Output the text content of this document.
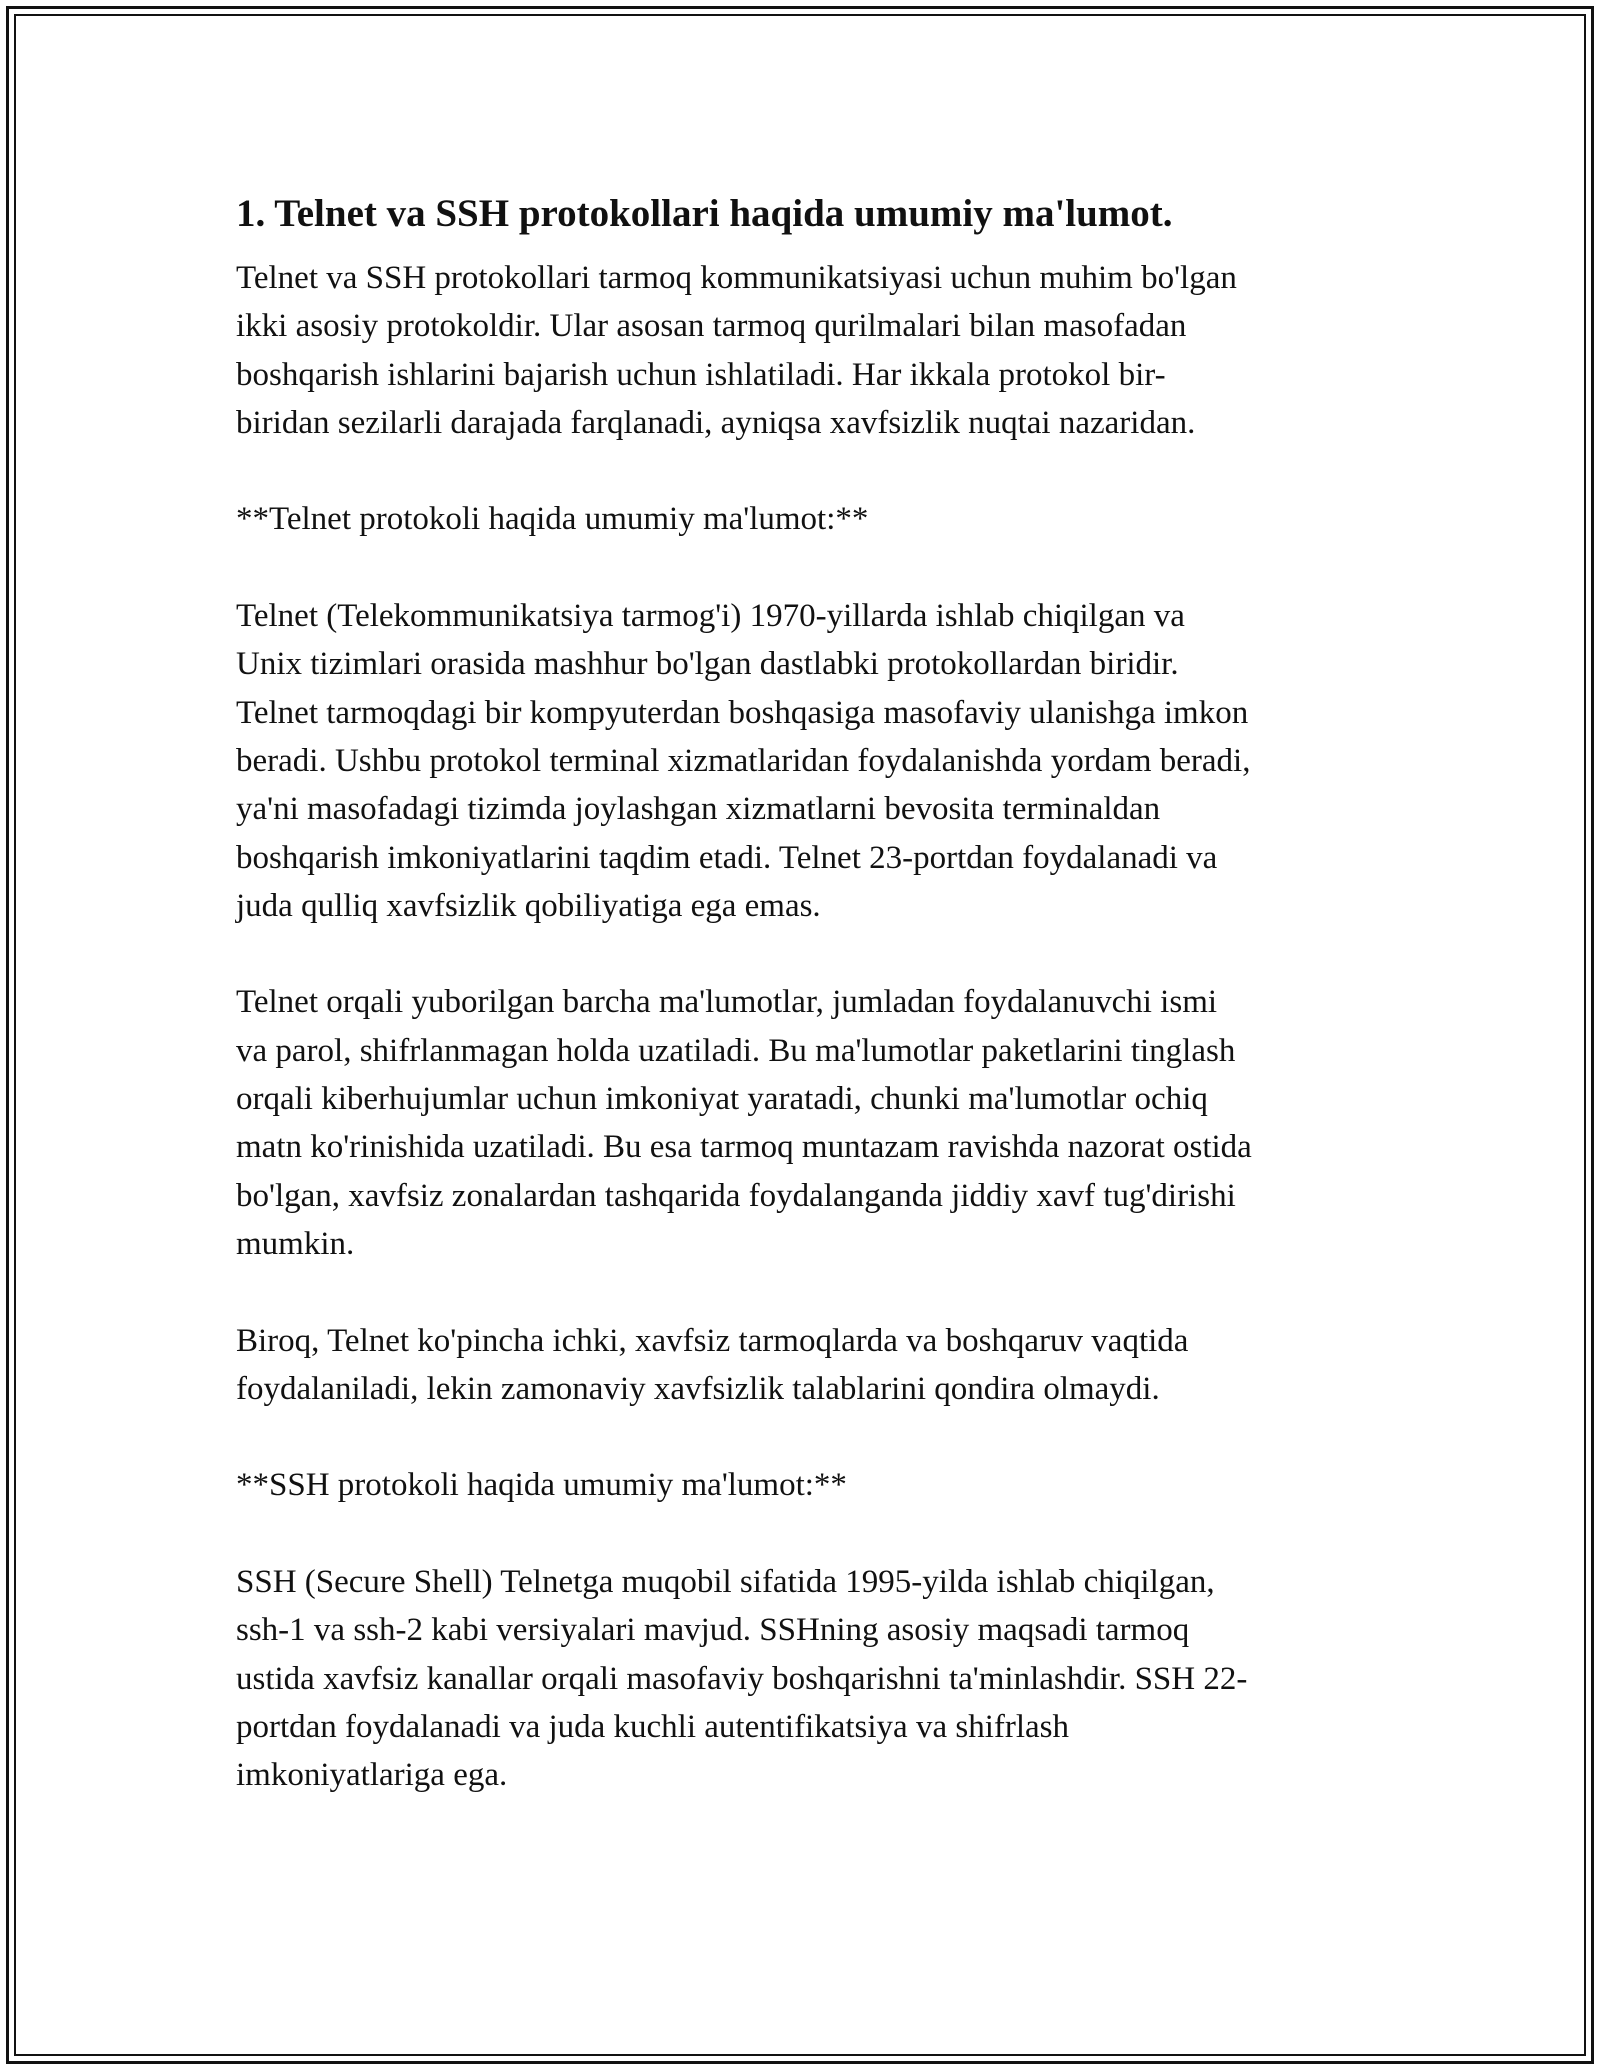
1. Telnet va SSH protokollari haqida umumiy ma'lumot.

Telnet va SSH protokollari tarmoq kommunikatsiyasi uchun muhim bo'lgan
ikki asosiy protokoldir. Ular asosan tarmoq qurilmalari bilan masofadan
boshqarish ishlarini bajarish uchun ishlatiladi. Har ikkala protokol bir-
biridan sezilarli darajada farqlanadi, ayniqsa xavfsizlik nuqtai nazaridan.

**Telnet protokoli haqida umumiy ma'lumot:**

Telnet (Telekommunikatsiya tarmog'i) 1970-yillarda ishlab chiqilgan va
Unix tizimlari orasida mashhur bo'lgan dastlabki protokollardan biridir.
Telnet tarmoqdagi bir kompyuterdan boshqasiga masofaviy ulanishga imkon
beradi. Ushbu protokol terminal xizmatlaridan foydalanishda yordam beradi,
ya'ni masofadagi tizimda joylashgan xizmatlarni bevosita terminaldan
boshqarish imkoniyatlarini taqdim etadi. Telnet 23-portdan foydalanadi va
juda qulliq xavfsizlik qobiliyatiga ega emas.

Telnet orqali yuborilgan barcha ma'lumotlar, jumladan foydalanuvchi ismi
va parol, shifrlanmagan holda uzatiladi. Bu ma'lumotlar paketlarini tinglash
orqali kiberhujumlar uchun imkoniyat yaratadi, chunki ma'lumotlar ochiq
matn ko'rinishida uzatiladi. Bu esa tarmoq muntazam ravishda nazorat ostida
bo'lgan, xavfsiz zonalardan tashqarida foydalanganda jiddiy xavf tug'dirishi
mumkin.

Biroq, Telnet ko'pincha ichki, xavfsiz tarmoqlarda va boshqaruv vaqtida
foydalaniladi, lekin zamonaviy xavfsizlik talablarini qondira olmaydi.

**SSH protokoli haqida umumiy ma'lumot:**

SSH (Secure Shell) Telnetga muqobil sifatida 1995-yilda ishlab chiqilgan,
ssh-1 va ssh-2 kabi versiyalari mavjud. SSHning asosiy maqsadi tarmoq
ustida xavfsiz kanallar orqali masofaviy boshqarishni ta'minlashdir. SSH 22-
portdan foydalanadi va juda kuchli autentifikatsiya va shifrlash
imkoniyatlariga ega.
